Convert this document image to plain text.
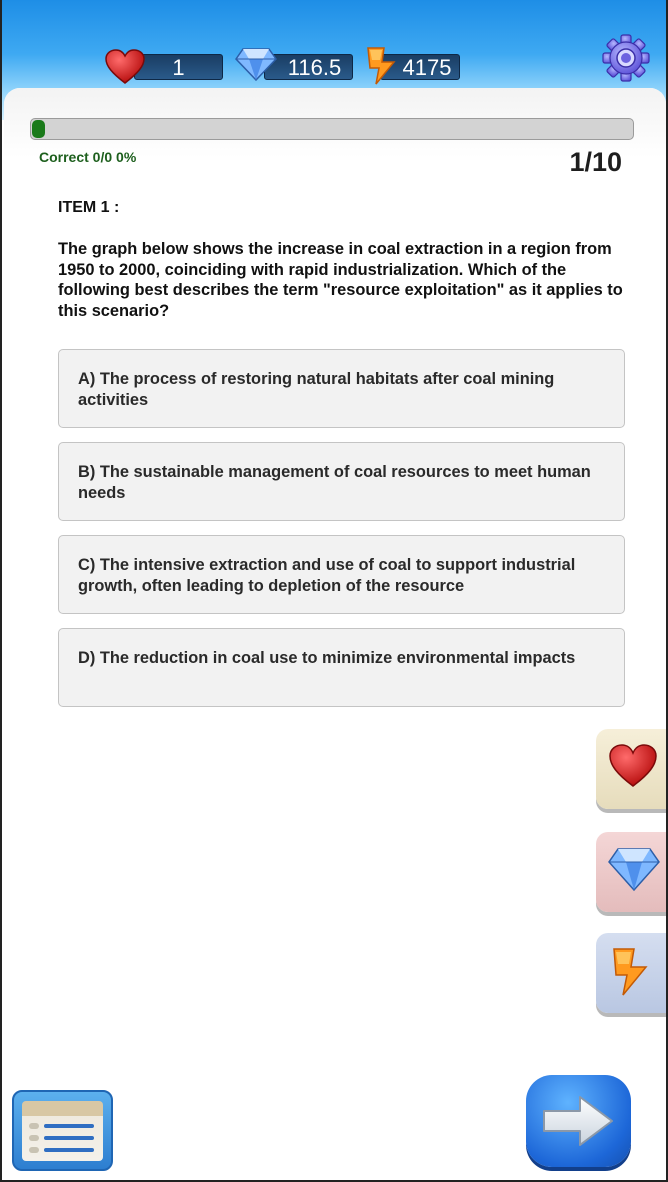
1	116.5	4175
Correct 0/0 0%	1/10
ITEM 1 :
The graph below shows the increase in coal extraction in a region from 1950 to 2000, coinciding with rapid industrialization. Which of the following best describes the term "resource exploitation" as it applies to this scenario?
A) The process of restoring natural habitats after coal mining activities
B) The sustainable management of coal resources to meet human needs
C) The intensive extraction and use of coal to support industrial growth, often leading to depletion of the resource
D) The reduction in coal use to minimize environmental impacts
